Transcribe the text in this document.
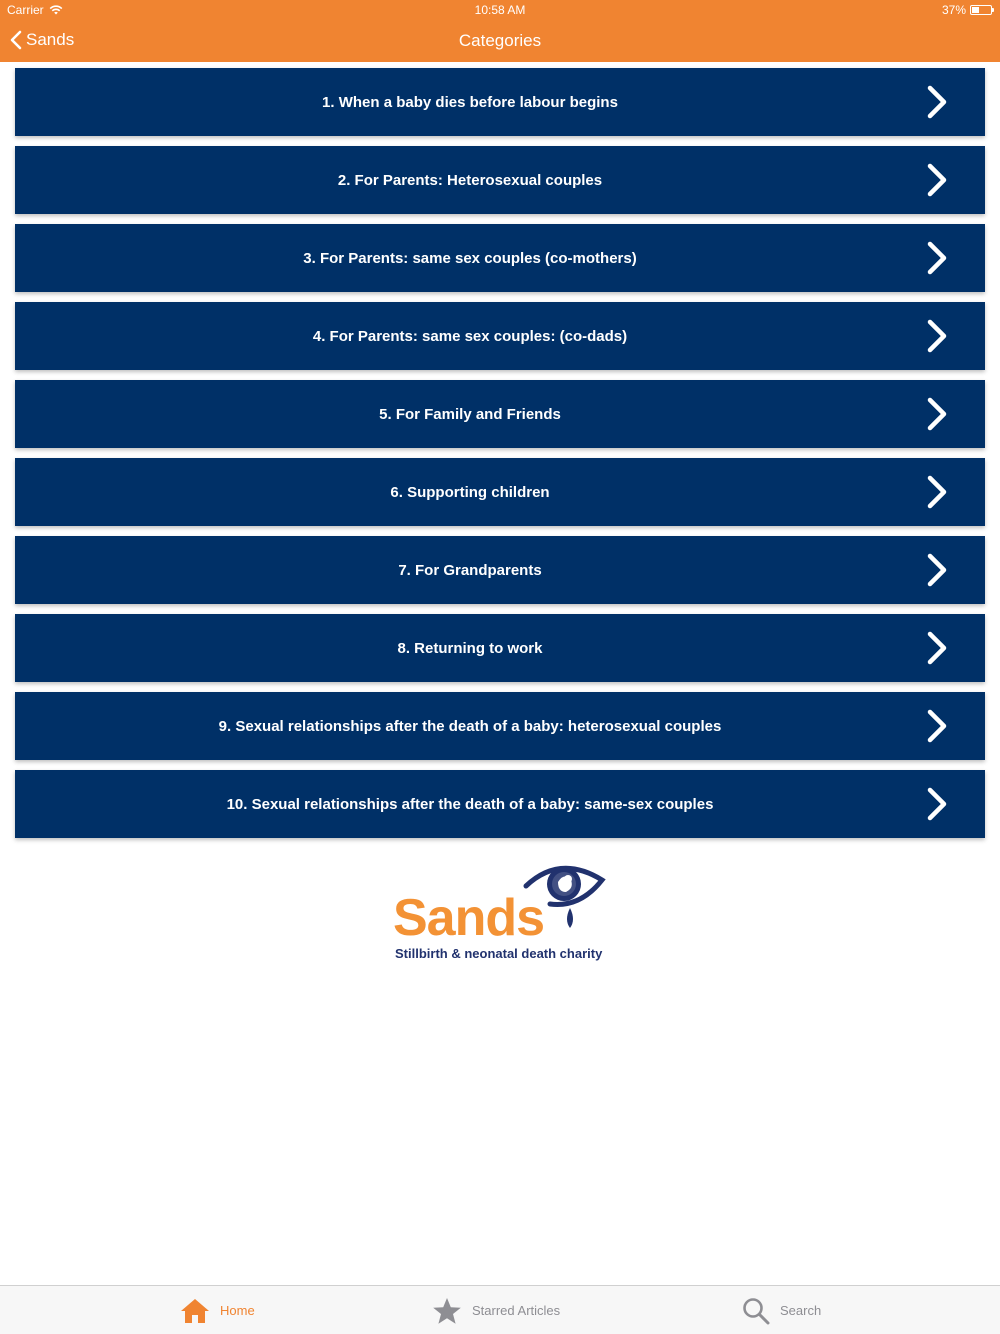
Carrier	10:58 AM	37%
Sands	Categories
1. When a baby dies before labour begins
2. For Parents: Heterosexual couples
3. For Parents: same sex couples (co-mothers)
4. For Parents: same sex couples: (co-dads)
5. For Family and Friends
6. Supporting children
7. For Grandparents
8. Returning to work
9. Sexual relationships after the death of a baby: heterosexual couples
10. Sexual relationships after the death of a baby: same-sex couples
Sands
Stillbirth & neonatal death charity
Home	Starred Articles	Search
